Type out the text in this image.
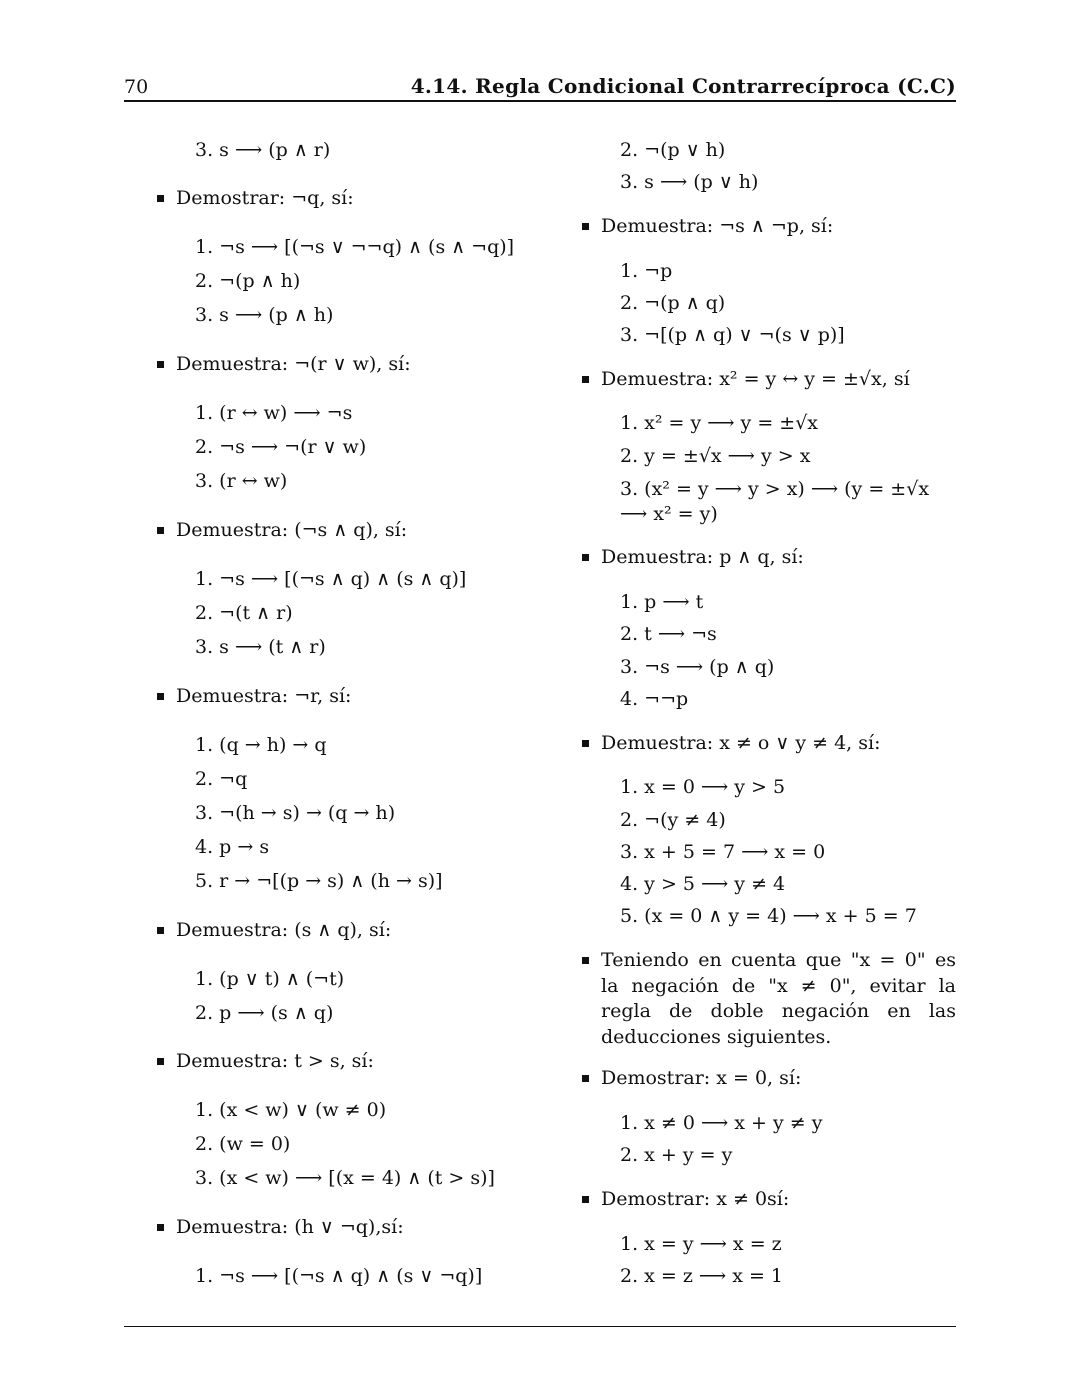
70	4.14. Regla Condicional Contrarrecíproca (C.C)
3. s ⟶ (p ∧ r)
Demostrar: ¬q, sí:
1. ¬s ⟶ [(¬s ∨ ¬¬q) ∧ (s ∧ ¬q)]
2. ¬(p ∧ h)
3. s ⟶ (p ∧ h)
Demuestra: ¬(r ∨ w), sí:
1. (r ↔ w) ⟶ ¬s
2. ¬s ⟶ ¬(r ∨ w)
3. (r ↔ w)
Demuestra: (¬s ∧ q), sí:
1. ¬s ⟶ [(¬s ∧ q) ∧ (s ∧ q)]
2. ¬(t ∧ r)
3. s ⟶ (t ∧ r)
Demuestra: ¬r, sí:
1. (q → h) → q
2. ¬q
3. ¬(h → s) → (q → h)
4. p → s
5. r → ¬[(p → s) ∧ (h → s)]
Demuestra: (s ∧ q), sí:
1. (p ∨ t) ∧ (¬t)
2. p ⟶ (s ∧ q)
Demuestra: t > s, sí:
1. (x < w) ∨ (w ≠ 0)
2. (w = 0)
3. (x < w) ⟶ [(x = 4) ∧ (t > s)]
Demuestra: (h ∨ ¬q),sí:
1. ¬s ⟶ [(¬s ∧ q) ∧ (s ∨ ¬q)]
2. ¬(p ∨ h)
3. s ⟶ (p ∨ h)
Demuestra: ¬s ∧ ¬p, sí:
1. ¬p
2. ¬(p ∧ q)
3. ¬[(p ∧ q) ∨ ¬(s ∨ p)]
Demuestra: x² = y ↔ y = ±√x, sí
1. x² = y ⟶ y = ±√x
2. y = ±√x ⟶ y > x
3. (x² = y ⟶ y > x) ⟶ (y = ±√x ⟶ x² = y)
Demuestra: p ∧ q, sí:
1. p ⟶ t
2. t ⟶ ¬s
3. ¬s ⟶ (p ∧ q)
4. ¬¬p
Demuestra: x ≠ o ∨ y ≠ 4, sí:
1. x = 0 ⟶ y > 5
2. ¬(y ≠ 4)
3. x + 5 = 7 ⟶ x = 0
4. y > 5 ⟶ y ≠ 4
5. (x = 0 ∧ y = 4) ⟶ x + 5 = 7
Teniendo en cuenta que "x = 0" es la negación de "x ≠ 0", evitar la regla de doble negación en las deducciones siguientes.
Demostrar: x = 0, sí:
1. x ≠ 0 ⟶ x + y ≠ y
2. x + y = y
Demostrar: x ≠ 0sí:
1. x = y ⟶ x = z
2. x = z ⟶ x = 1
